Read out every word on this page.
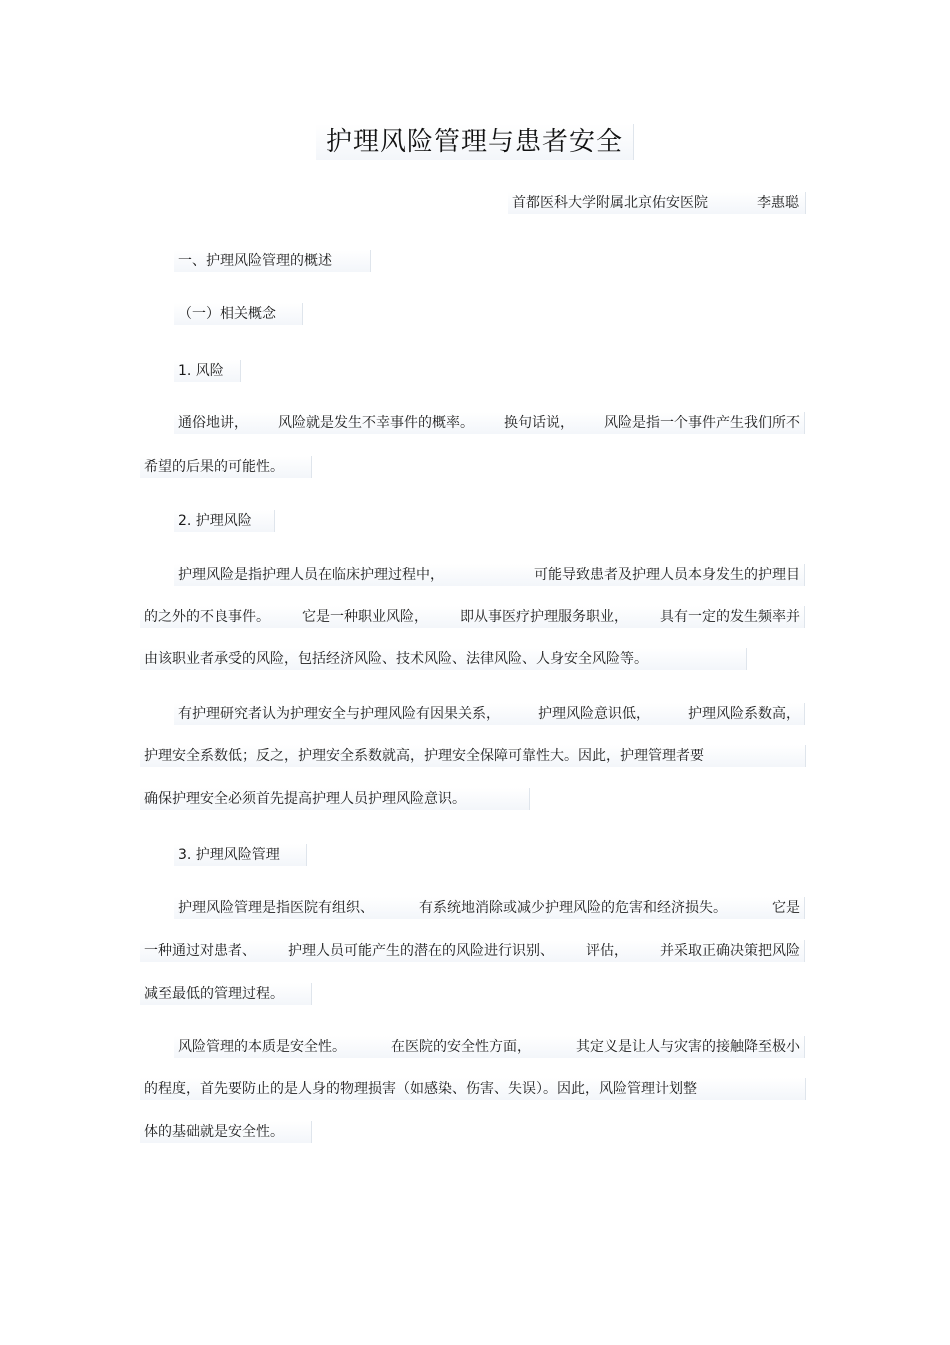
护理风险管理与患者安全
首都医科大学附属北京佑安医院	李惠聪
一、护理风险管理的概述
（一）相关概念
1. 风险
通俗地讲， 风险就是发生不幸事件的概率。 换句话说， 风险是指一个事件产生我们所不
希望的后果的可能性。
2. 护理风险
护理风险是指护理人员在临床护理过程中，	可能导致患者及护理人员本身发生的护理目
的之外的不良事件。 它是一种职业风险， 即从事医疗护理服务职业， 具有一定的发生频率并
由该职业者承受的风险，包括经济风险、技术风险、法律风险、人身安全风险等。
有护理研究者认为护理安全与护理风险有因果关系，	护理风险意识低，	护理风险系数高，
护理安全系数低；反之，护理安全系数就高，护理安全保障可靠性大。因此，护理管理者要
确保护理安全必须首先提高护理人员护理风险意识。
3. 护理风险管理
护理风险管理是指医院有组织、	有系统地消除或减少护理风险的危害和经济损失。	它是
一种通过对患者、 护理人员可能产生的潜在的风险进行识别、 评估， 并采取正确决策把风险
减至最低的管理过程。
风险管理的本质是安全性。	在医院的安全性方面，	其定义是让人与灾害的接触降至极小
的程度，首先要防止的是人身的物理损害（如感染、伤害、失误）。因此，风险管理计划整
体的基础就是安全性。
